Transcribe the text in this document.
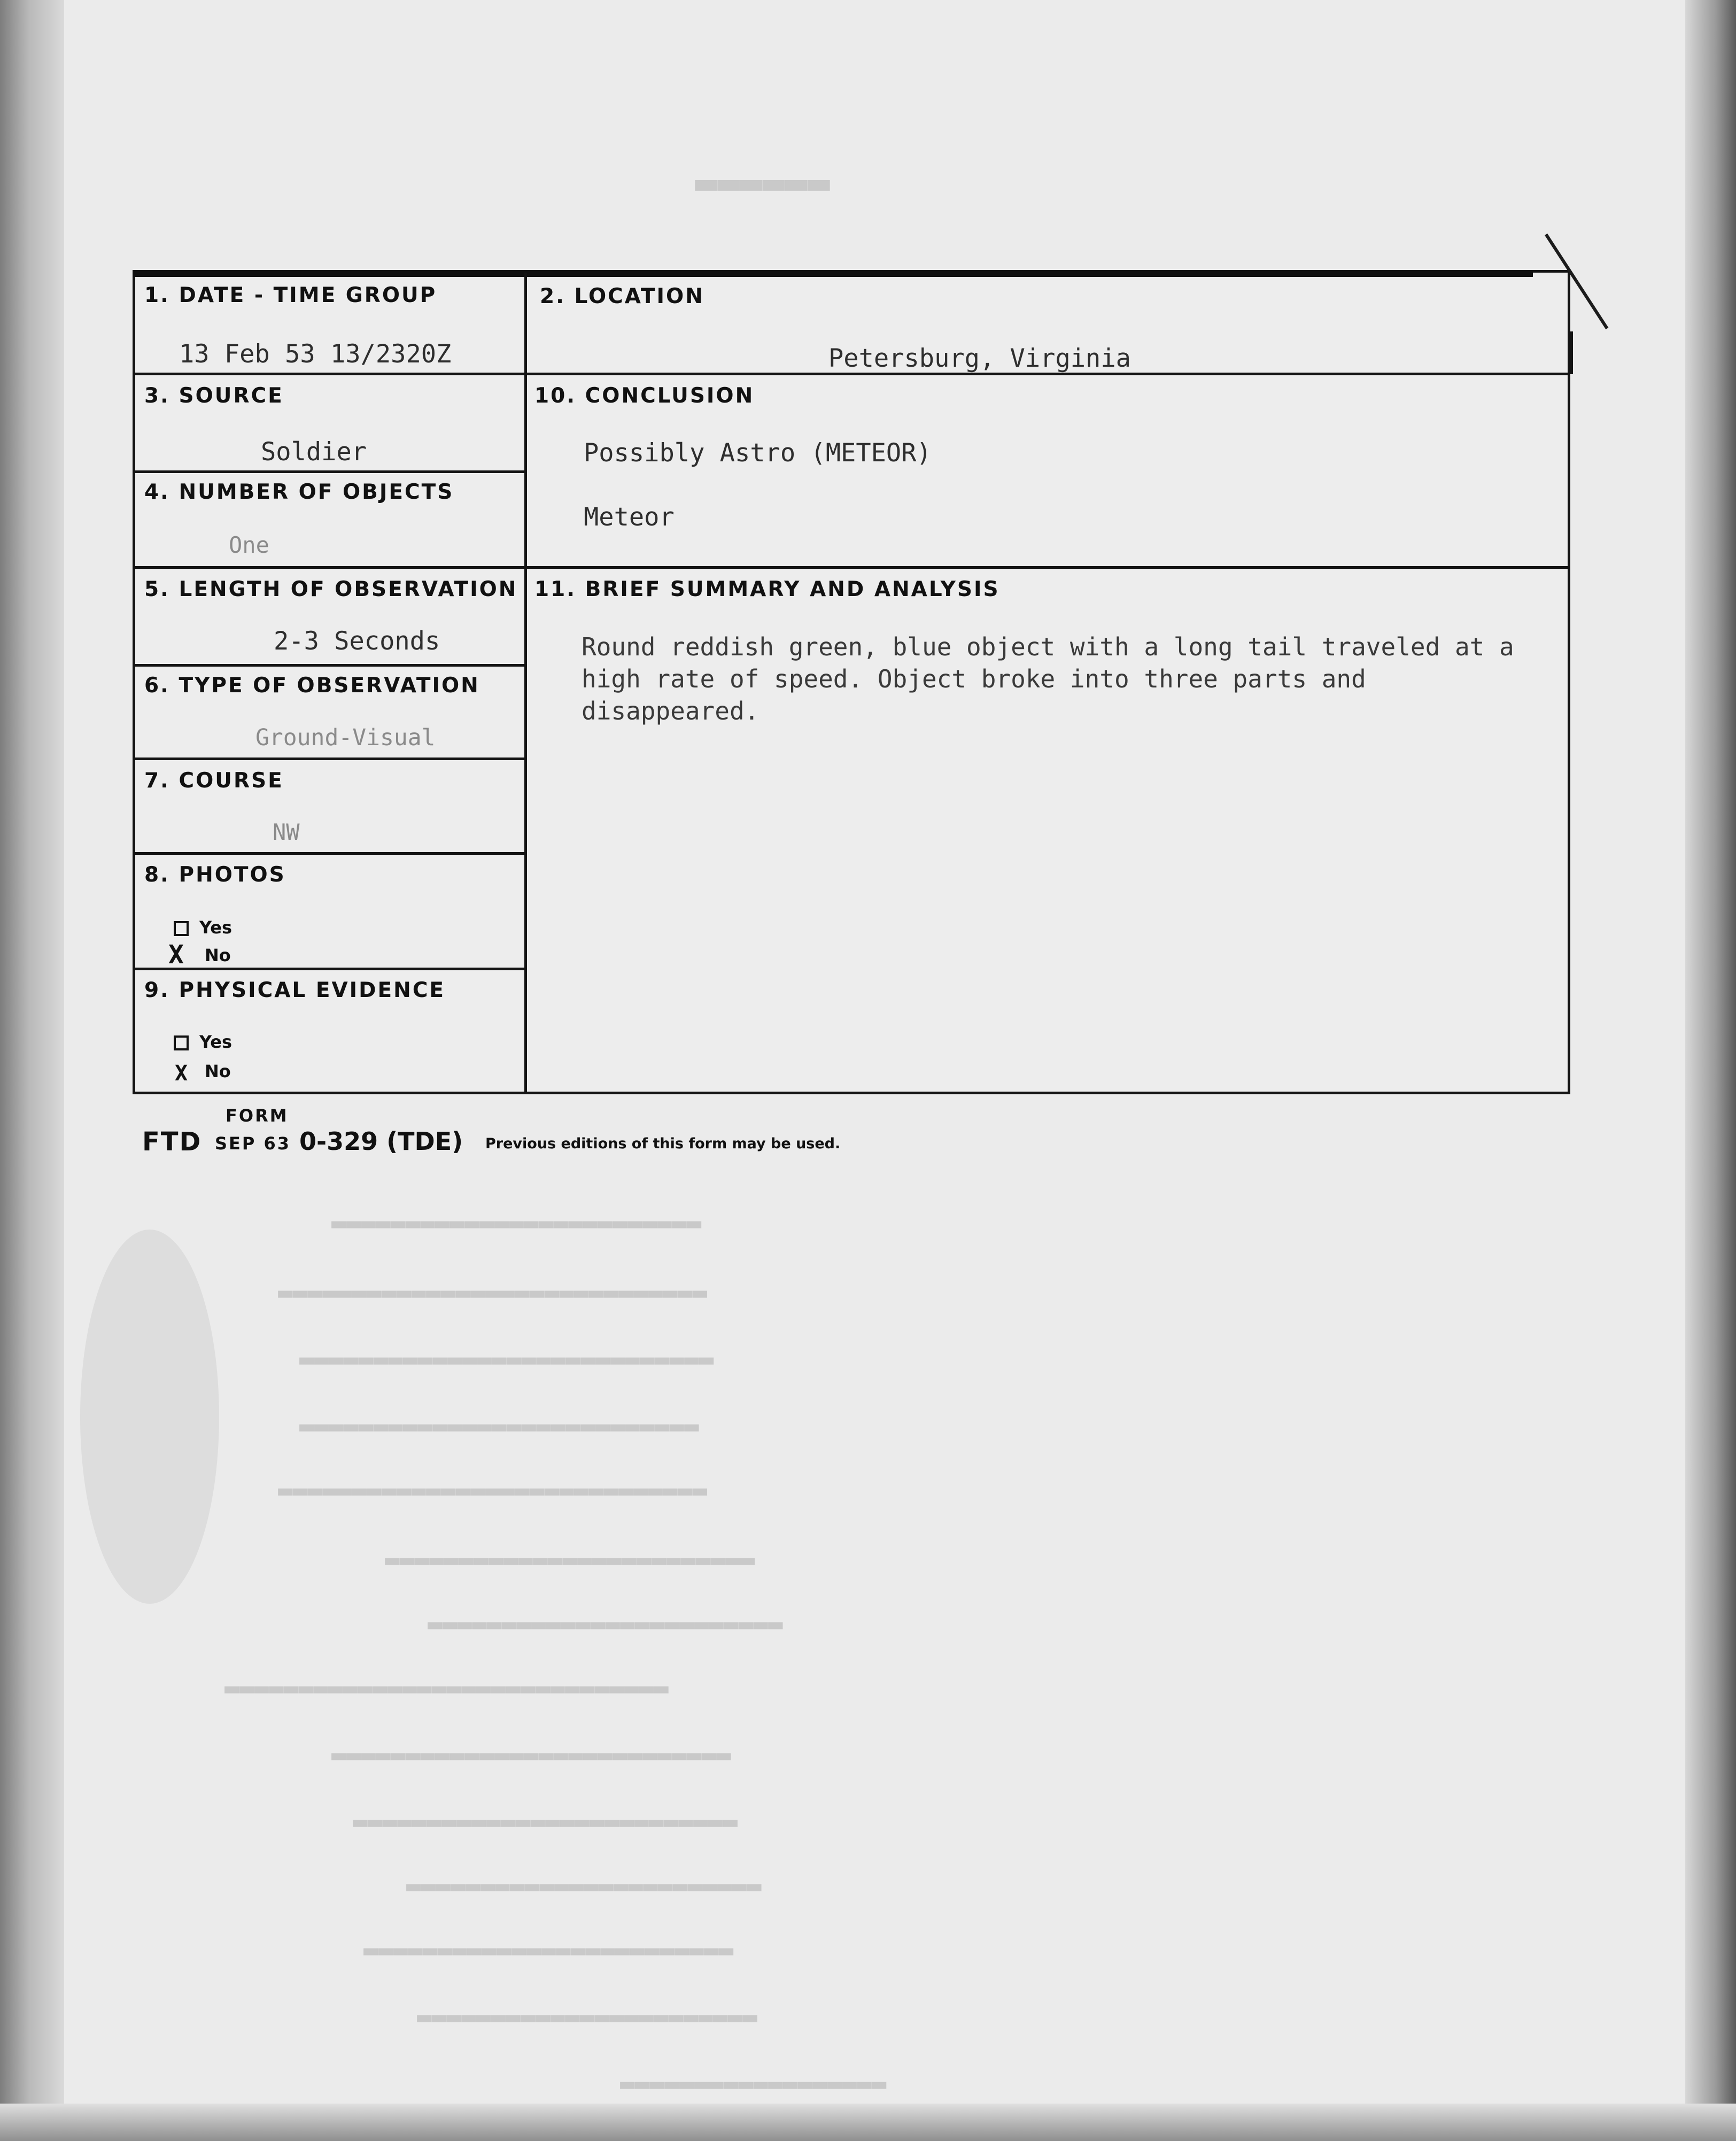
▬▬▬▬▬▬
1. DATE - TIME GROUP
13 Feb 53 13/2320Z
2. LOCATION
Petersburg, Virginia
3. SOURCE
Soldier
4. NUMBER OF OBJECTS
One
10. CONCLUSION
Possibly Astro (METEOR)
Meteor
5. LENGTH OF OBSERVATION
2-3 Seconds
6. TYPE OF OBSERVATION
Ground-Visual
7. COURSE
NW
8. PHOTOS
Yes
No
X
9. PHYSICAL EVIDENCE
Yes
No
X
11. BRIEF SUMMARY AND ANALYSIS
Round reddish green, blue object with a long tail traveled at a high rate of speed. Object broke into three parts and disappeared.
FORM
FTD SEP 63 0-329 (TDE) Previous editions of this form may be used.
▬▬▬▬▬▬▬▬▬▬▬▬▬▬▬▬▬▬▬▬▬▬▬▬▬
▬▬▬▬▬▬▬▬▬▬▬▬▬▬▬▬▬▬▬▬▬▬▬▬▬▬▬▬▬
▬▬▬▬▬▬▬▬▬▬▬▬▬▬▬▬▬▬▬▬▬▬▬▬▬▬▬▬
▬▬▬▬▬▬▬▬▬▬▬▬▬▬▬▬▬▬▬▬▬▬▬▬▬▬▬
▬▬▬▬▬▬▬▬▬▬▬▬▬▬▬▬▬▬▬▬▬▬▬▬▬▬▬▬▬
▬▬▬▬▬▬▬▬▬▬▬▬▬▬▬▬▬▬▬▬▬▬▬▬▬
▬▬▬▬▬▬▬▬▬▬▬▬▬▬▬▬▬▬▬▬▬▬▬▬
▬▬▬▬▬▬▬▬▬▬▬▬▬▬▬▬▬▬▬▬▬▬▬▬▬▬▬▬▬▬
▬▬▬▬▬▬▬▬▬▬▬▬▬▬▬▬▬▬▬▬▬▬▬▬▬▬▬
▬▬▬▬▬▬▬▬▬▬▬▬▬▬▬▬▬▬▬▬▬▬▬▬▬▬
▬▬▬▬▬▬▬▬▬▬▬▬▬▬▬▬▬▬▬▬▬▬▬▬
▬▬▬▬▬▬▬▬▬▬▬▬▬▬▬▬▬▬▬▬▬▬▬▬▬
▬▬▬▬▬▬▬▬▬▬▬▬▬▬▬▬▬▬▬▬▬▬▬
▬▬▬▬▬▬▬▬▬▬▬▬▬▬▬▬▬▬
